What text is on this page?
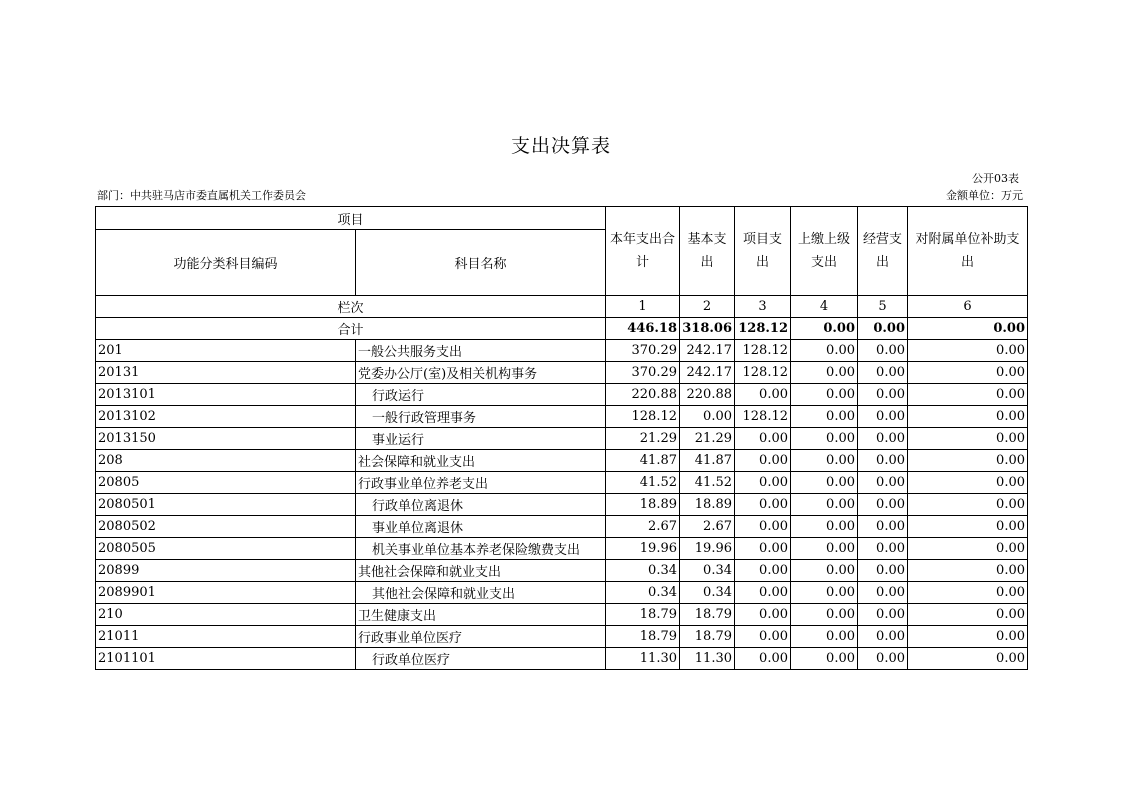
支出决算表
公开03表
部门：中共驻马店市委直属机关工作委员会	金额单位：万元
项目		本年支出合计	基本支出	项目支出	上缴上级支出	经营支出	对附属单位补助支出
功能分类科目编码	科目名称						
栏次		1	2	3	4	5	6
合计		446.18	318.06	128.12	0.00	0.00	0.00
201	一般公共服务支出	370.29	242.17	128.12	0.00	0.00	0.00
20131	党委办公厅(室)及相关机构事务	370.29	242.17	128.12	0.00	0.00	0.00
2013101	行政运行	220.88	220.88	0.00	0.00	0.00	0.00
2013102	一般行政管理事务	128.12	0.00	128.12	0.00	0.00	0.00
2013150	事业运行	21.29	21.29	0.00	0.00	0.00	0.00
208	社会保障和就业支出	41.87	41.87	0.00	0.00	0.00	0.00
20805	行政事业单位养老支出	41.52	41.52	0.00	0.00	0.00	0.00
2080501	行政单位离退休	18.89	18.89	0.00	0.00	0.00	0.00
2080502	事业单位离退休	2.67	2.67	0.00	0.00	0.00	0.00
2080505	机关事业单位基本养老保险缴费支出	19.96	19.96	0.00	0.00	0.00	0.00
20899	其他社会保障和就业支出	0.34	0.34	0.00	0.00	0.00	0.00
2089901	其他社会保障和就业支出	0.34	0.34	0.00	0.00	0.00	0.00
210	卫生健康支出	18.79	18.79	0.00	0.00	0.00	0.00
21011	行政事业单位医疗	18.79	18.79	0.00	0.00	0.00	0.00
2101101	行政单位医疗	11.30	11.30	0.00	0.00	0.00	0.00
